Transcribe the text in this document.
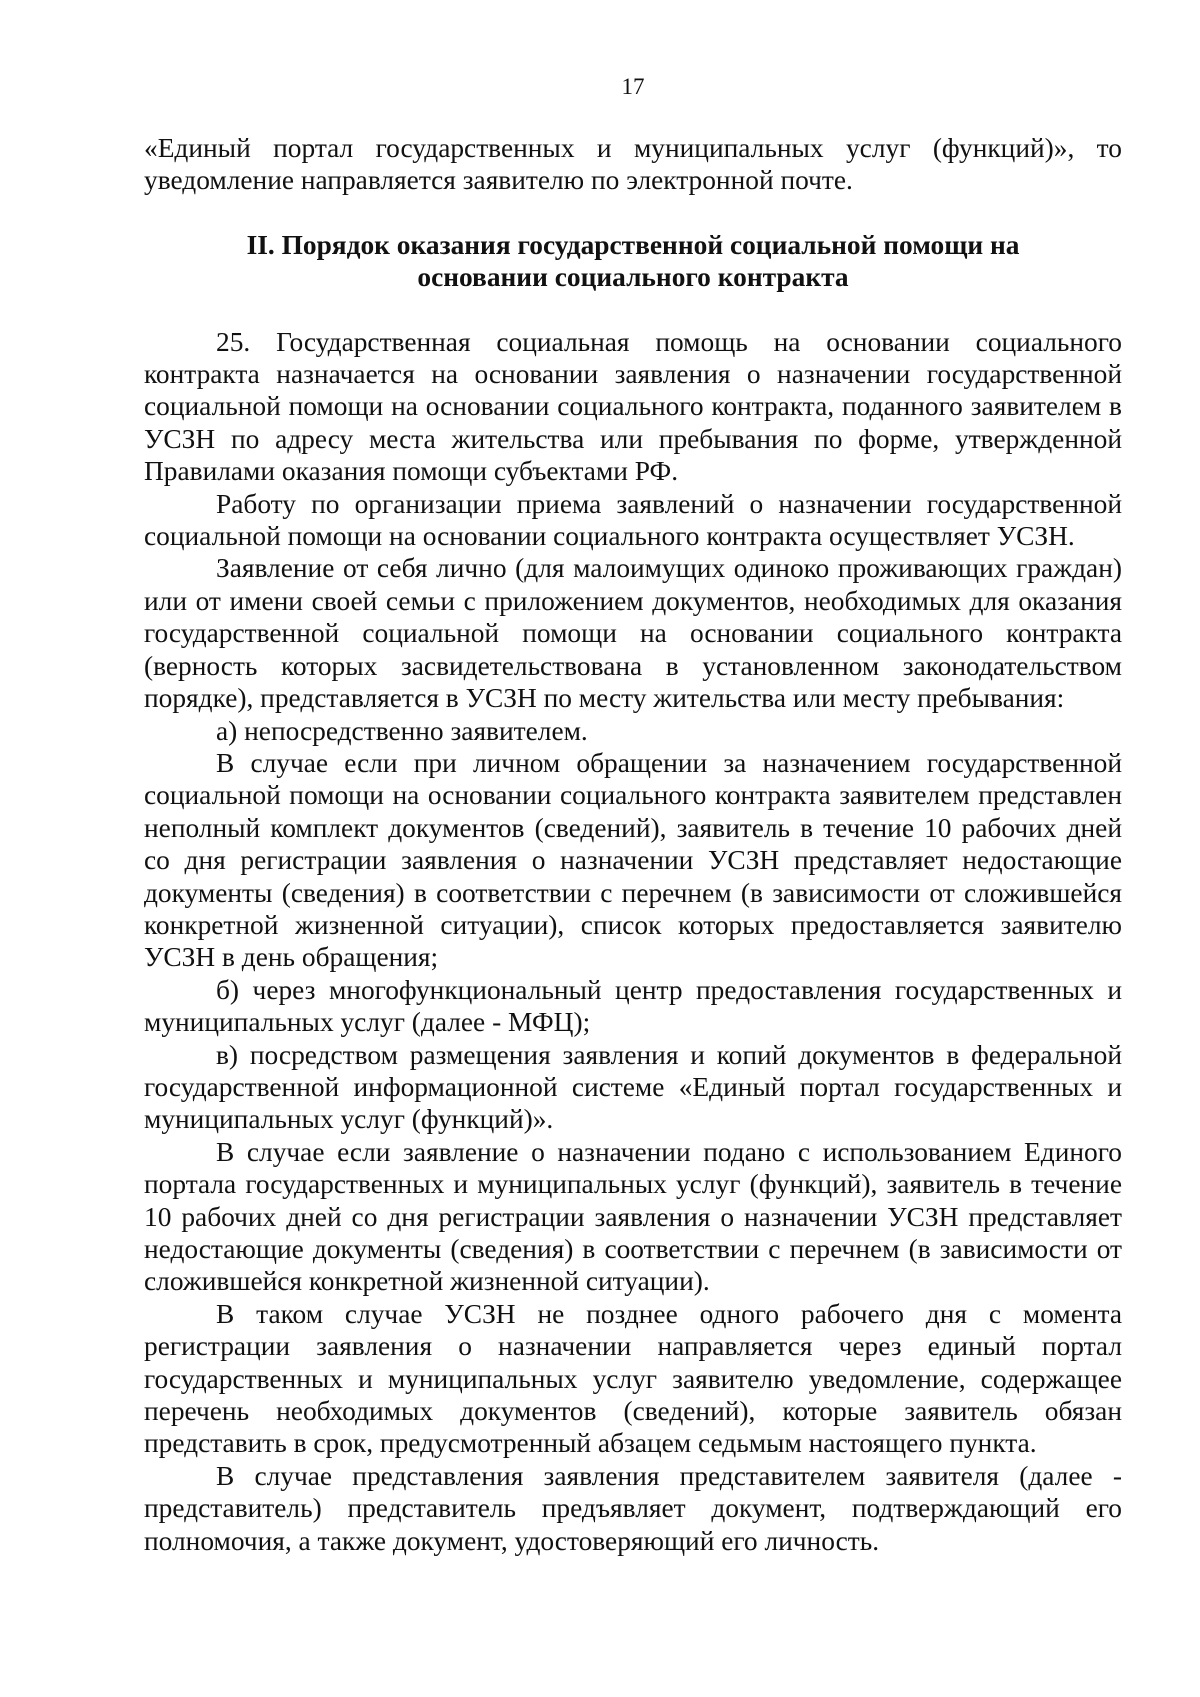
17

«Единый портал государственных и муниципальных услуг (функций)», то уведомление направляется заявителю по электронной почте.

II. Порядок оказания государственной социальной помощи на
основании социального контракта

25. Государственная социальная помощь на основании социального контракта назначается на основании заявления о назначении государственной социальной помощи на основании социального контракта, поданного заявителем в УСЗН по адресу места жительства или пребывания по форме, утвержденной Правилами оказания помощи субъектами РФ.

Работу по организации приема заявлений о назначении государственной социальной помощи на основании социального контракта осуществляет УСЗН.

Заявление от себя лично (для малоимущих одиноко проживающих граждан) или от имени своей семьи с приложением документов, необходимых для оказания государственной социальной помощи на основании социального контракта (верность которых засвидетельствована в установленном законодательством порядке), представляется в УСЗН по месту жительства или месту пребывания:

а) непосредственно заявителем.

В случае если при личном обращении за назначением государственной социальной помощи на основании социального контракта заявителем представлен неполный комплект документов (сведений), заявитель в течение 10 рабочих дней со дня регистрации заявления о назначении УСЗН представляет недостающие документы (сведения) в соответствии с перечнем (в зависимости от сложившейся конкретной жизненной ситуации), список которых предоставляется заявителю УСЗН в день обращения;

б) через многофункциональный центр предоставления государственных и муниципальных услуг (далее - МФЦ);

в) посредством размещения заявления и копий документов в федеральной государственной информационной системе «Единый портал государственных и муниципальных услуг (функций)».

В случае если заявление о назначении подано с использованием Единого портала государственных и муниципальных услуг (функций), заявитель в течение 10 рабочих дней со дня регистрации заявления о назначении УСЗН представляет недостающие документы (сведения) в соответствии с перечнем (в зависимости от сложившейся конкретной жизненной ситуации).

В таком случае УСЗН не позднее одного рабочего дня с момента регистрации заявления о назначении направляется через единый портал государственных и муниципальных услуг заявителю уведомление, содержащее перечень необходимых документов (сведений), которые заявитель обязан представить в срок, предусмотренный абзацем седьмым настоящего пункта.

В случае представления заявления представителем заявителя (далее - представитель) представитель предъявляет документ, подтверждающий его полномочия, а также документ, удостоверяющий его личность.
